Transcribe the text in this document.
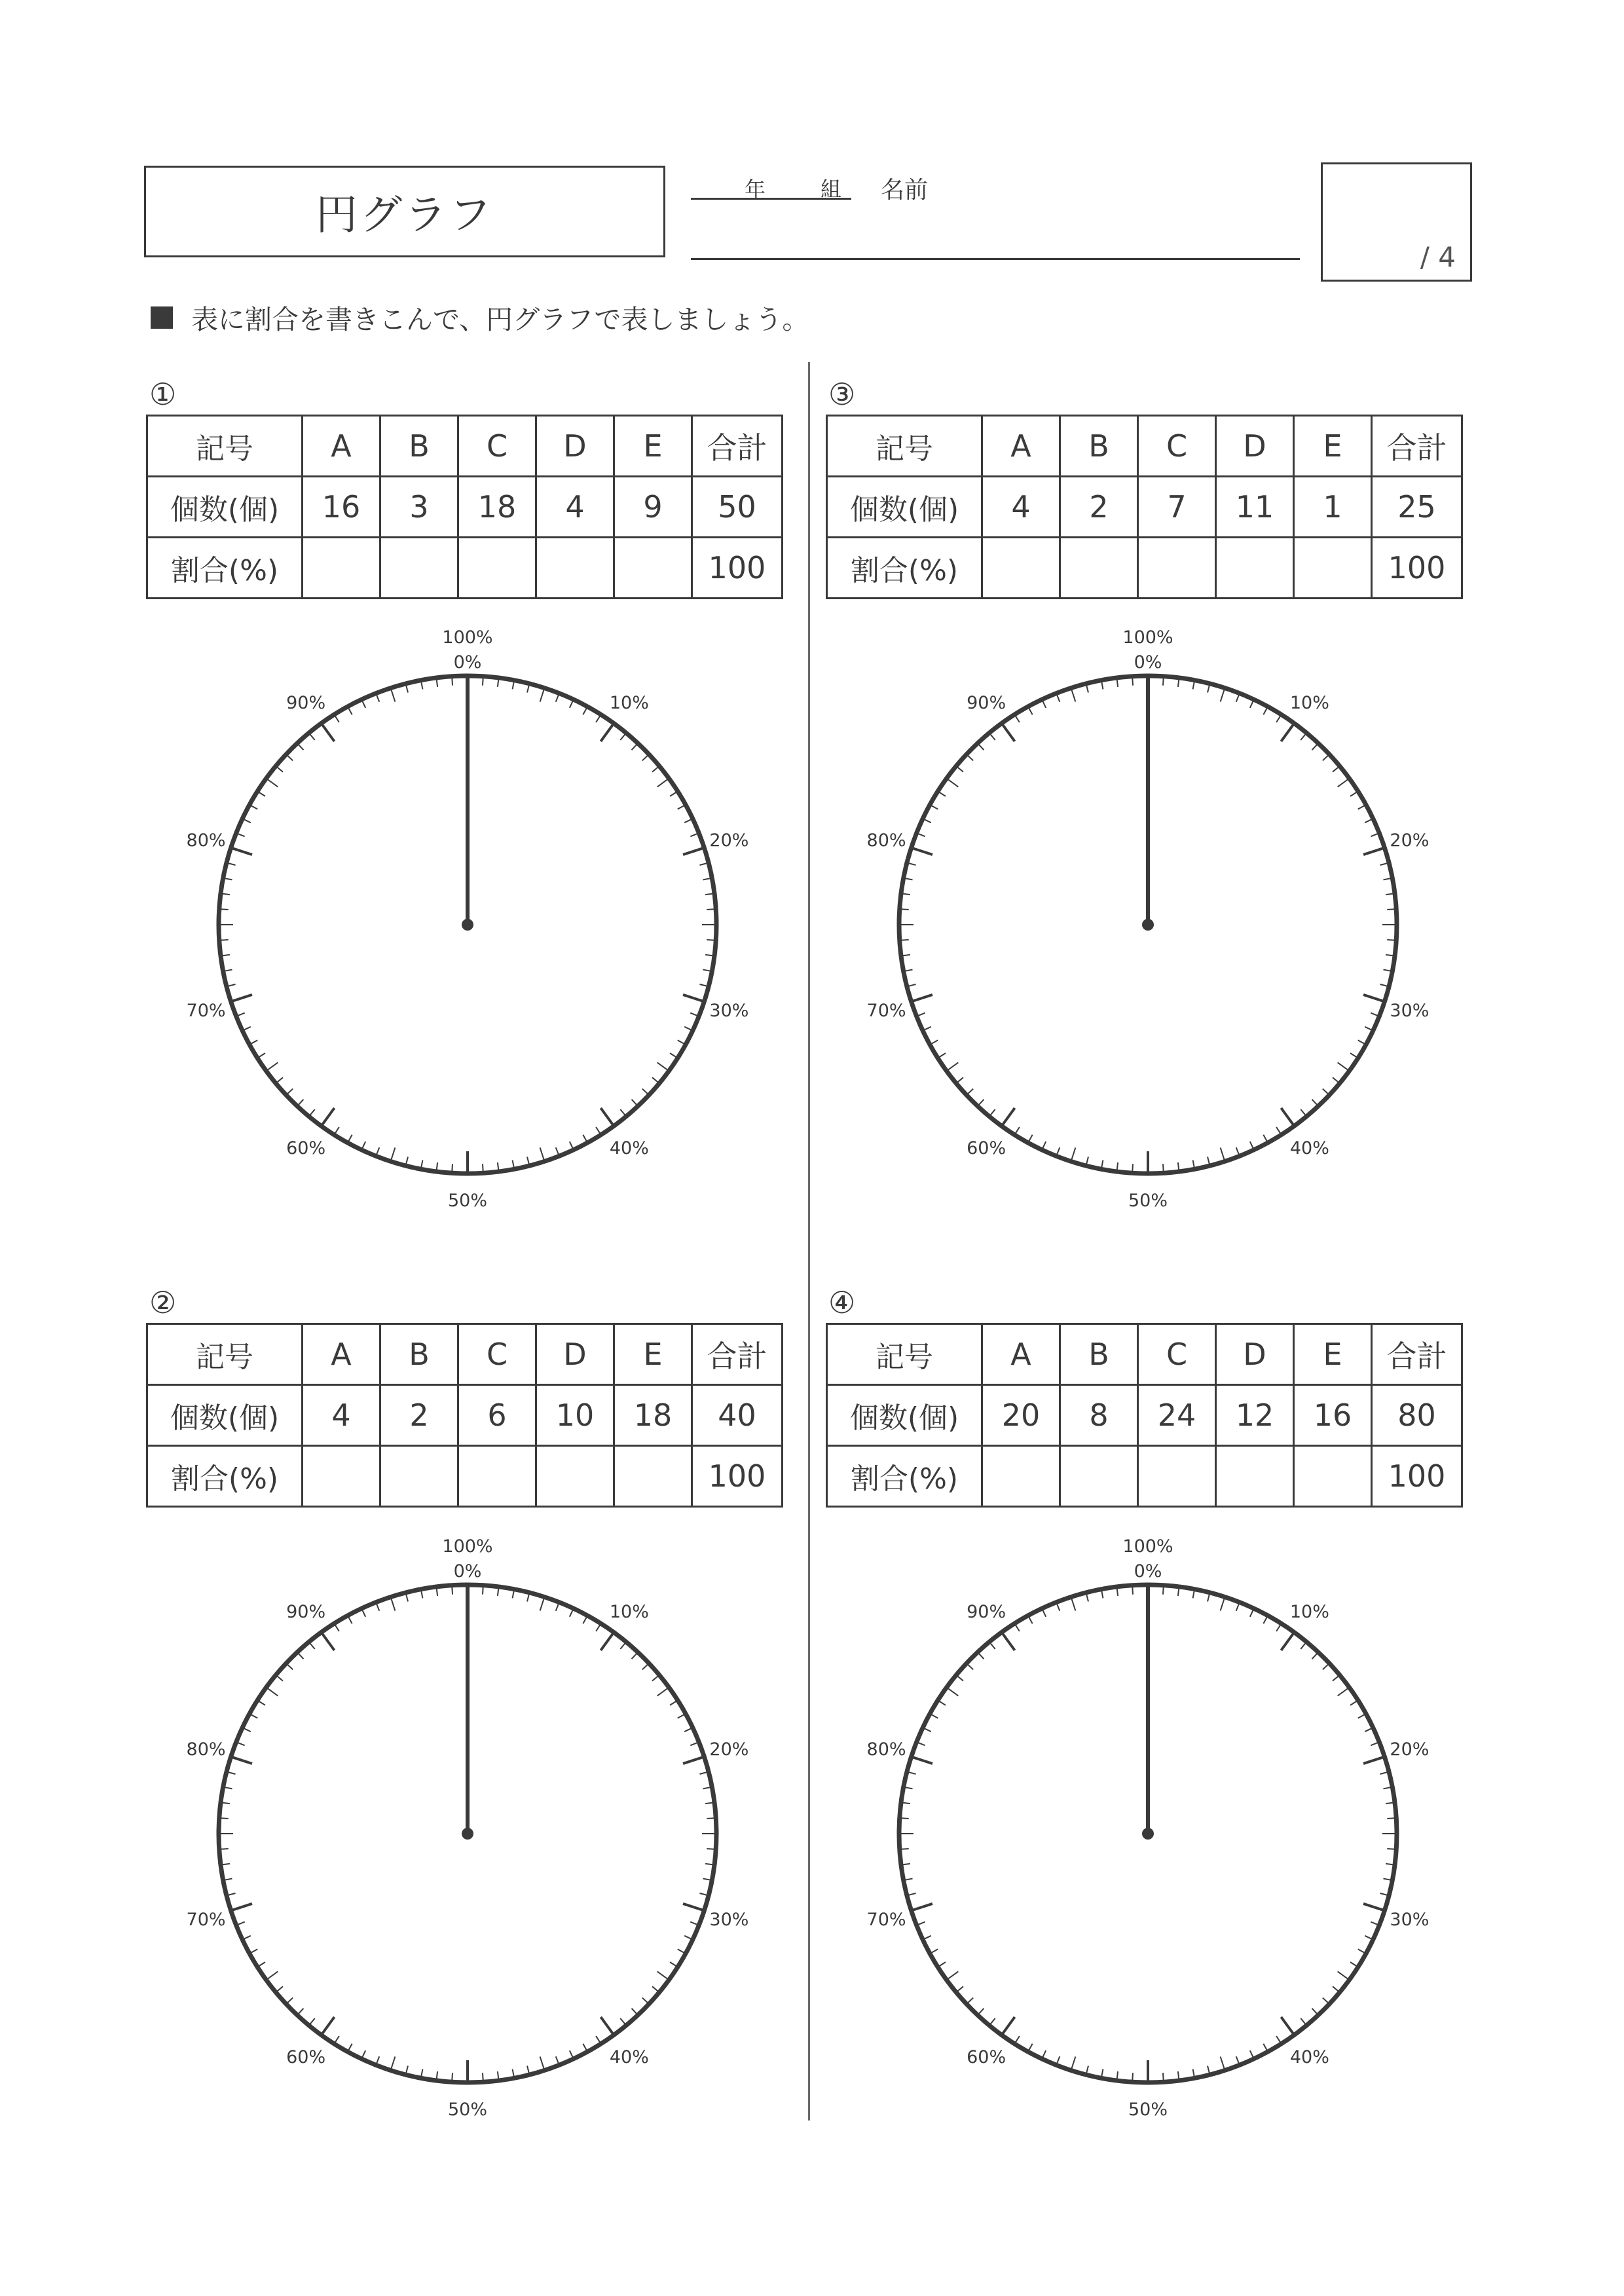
円グラフ
年	組 名前
/ 4
表に割合を書きこんで、円グラフで表しましょう。
①
記号	A	B	C	D	E	合計
個数(個)	16	3	18	4	9	50
割合(%)						100
100%
0%
10%
20%
30%
40%
50%
60%
70%
80%
90%
②
記号	A	B	C	D	E	合計
個数(個)	4	2	6	10	18	40
割合(%)						100
100%
0%
10%
20%
30%
40%
50%
60%
70%
80%
90%
③
記号	A	B	C	D	E	合計
個数(個)	4	2	7	11	1	25
割合(%)						100
100%
0%
10%
20%
30%
40%
50%
60%
70%
80%
90%
④
記号	A	B	C	D	E	合計
個数(個)	20	8	24	12	16	80
割合(%)						100
100%
0%
10%
20%
30%
40%
50%
60%
70%
80%
90%
